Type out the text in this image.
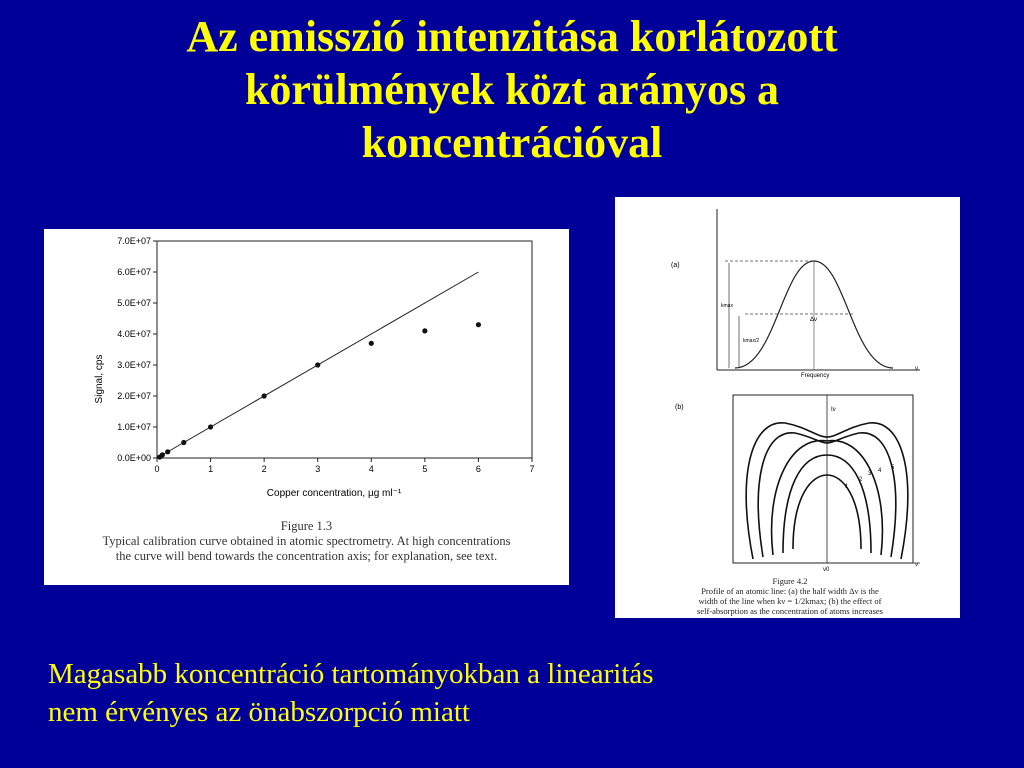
Az emisszió intenzitása korlátozott
körülmények közt arányos a
koncentrációval
0	1	2	3	4	5	6	7
0.0E+00
1.0E+07
2.0E+07
3.0E+07
4.0E+07
5.0E+07
6.0E+07
7.0E+07
Signal, cps
Copper concentration, µg ml⁻¹
Figure 1.3
Typical calibration curve obtained in atomic spectrometry. At high concentrations
the curve will bend towards the concentration axis; for explanation, see text.
(a)
kmax
kmax/2
Δν
Frequency
ν
(b)	Iν
ν0
ν
1
2
3 4 5
Figure 4.2
Profile of an atomic line: (a) the half width Δν is the
width of the line when kν = 1/2kmax; (b) the effect of
self-absorption as the concentration of atoms increases
Magasabb koncentráció tartományokban a linearitás
nem érvényes az önabszorpció miatt
